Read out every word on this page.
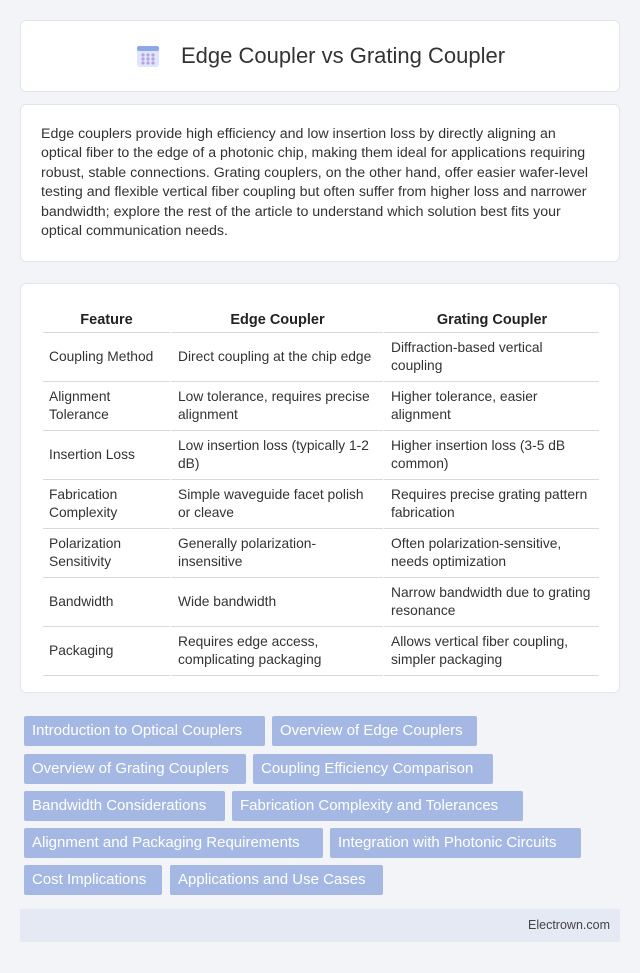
Edge Coupler vs Grating Coupler

Edge couplers provide high efficiency and low insertion loss by directly aligning an optical fiber to the edge of a photonic chip, making them ideal for applications requiring robust, stable connections. Grating couplers, on the other hand, offer easier wafer-level testing and flexible vertical fiber coupling but often suffer from higher loss and narrower bandwidth; explore the rest of the article to understand which solution best fits your optical communication needs.

Feature	Edge Coupler	Grating Coupler
Coupling Method	Direct coupling at the chip edge	Diffraction-based vertical coupling
Alignment Tolerance	Low tolerance, requires precise alignment	Higher tolerance, easier alignment
Insertion Loss	Low insertion loss (typically 1-2 dB)	Higher insertion loss (3-5 dB common)
Fabrication Complexity	Simple waveguide facet polish or cleave	Requires precise grating pattern fabrication
Polarization Sensitivity	Generally polarization-insensitive	Often polarization-sensitive, needs optimization
Bandwidth	Wide bandwidth	Narrow bandwidth due to grating resonance
Packaging	Requires edge access, complicating packaging	Allows vertical fiber coupling, simpler packaging
Introduction to Optical Couplers	Overview of Edge Couplers
Overview of Grating Couplers	Coupling Efficiency Comparison
Bandwidth Considerations	Fabrication Complexity and Tolerances
Alignment and Packaging Requirements	Integration with Photonic Circuits
Cost Implications	Applications and Use Cases
Electrown.com
